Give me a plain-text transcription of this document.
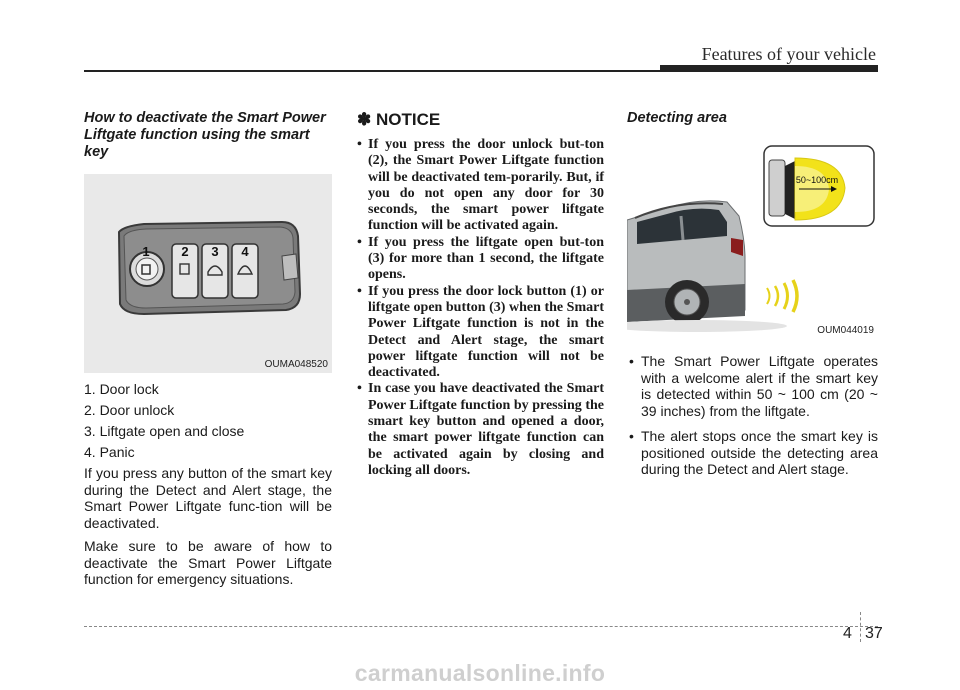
Features of your vehicle
How to deactivate the Smart Power Liftgate function using the smart key
1 2 3 4
OUMA048520
1. Door lock
2. Door unlock
3. Liftgate open and close
4. Panic

If you press any button of the smart key during the Detect and Alert stage, the Smart Power Liftgate func-tion will be deactivated.

Make sure to be aware of how to deactivate the Smart Power Liftgate function for emergency situations.

✽ NOTICE
• If you press the door unlock but-ton (2), the Smart Power Liftgate function will be deactivated tem-porarily. But, if you do not open any door for 30 seconds, the smart power liftgate function will be activated again.
• If you press the liftgate open but-ton (3) for more than 1 second, the liftgate opens.
• If you press the door lock button (1) or liftgate open button (3) when the Smart Power Liftgate function is not in the Detect and Alert stage, the smart power liftgate function will not be deactivated.
• In case you have deactivated the Smart Power Liftgate function by pressing the smart key button and opened a door, the smart power liftgate function can be activated again by closing and locking all doors.
Detecting area
50~100cm
OUM044019
• The Smart Power Liftgate operates with a welcome alert if the smart key is detected within 50 ~ 100 cm (20 ~ 39 inches) from the liftgate.
• The alert stops once the smart key is positioned outside the detecting area during the Detect and Alert stage.
4 37
carmanualsonline.info
